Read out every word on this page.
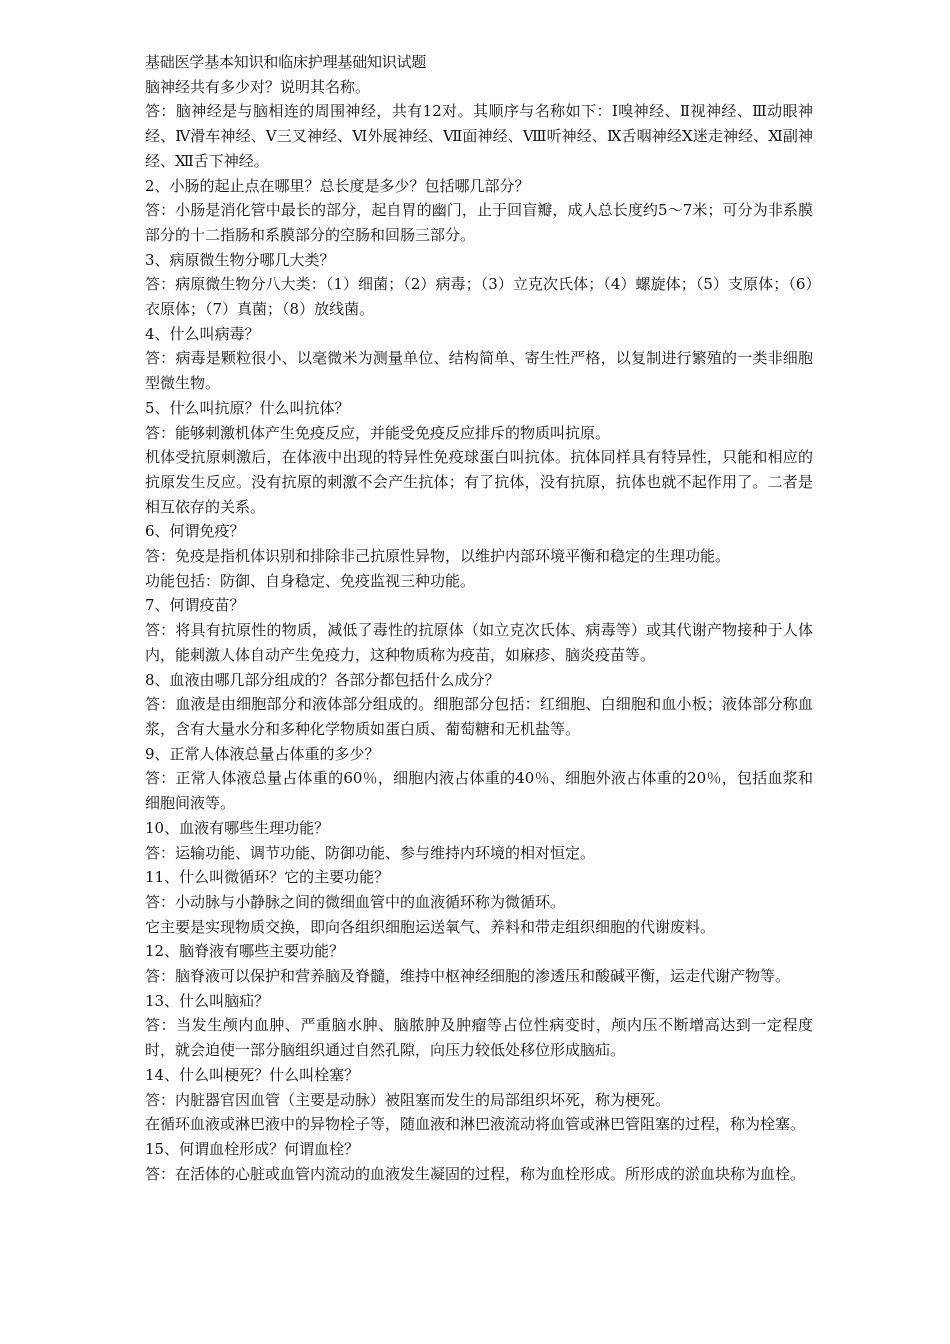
基础医学基本知识和临床护理基础知识试题

脑神经共有多少对？说明其名称。

答：脑神经是与脑相连的周围神经，共有12对。其顺序与名称如下：Ⅰ嗅神经、Ⅱ视神经、Ⅲ动眼神经、Ⅳ滑车神经、Ⅴ三叉神经、Ⅵ外展神经、Ⅶ面神经、Ⅷ听神经、Ⅸ舌咽神经Ⅹ迷走神经、Ⅺ副神经、Ⅻ舌下神经。

2、小肠的起止点在哪里？总长度是多少？包括哪几部分？

答：小肠是消化管中最长的部分，起自胃的幽门，止于回盲瓣，成人总长度约5～7米；可分为非系膜部分的十二指肠和系膜部分的空肠和回肠三部分。

3、病原微生物分哪几大类？

答：病原微生物分八大类：（1）细菌；（2）病毒；（3）立克次氏体；（4）螺旋体；（5）支原体；（6）衣原体；（7）真菌；（8）放线菌。

4、什么叫病毒？

答：病毒是颗粒很小、以毫微米为测量单位、结构简单、寄生性严格，以复制进行繁殖的一类非细胞型微生物。

5、什么叫抗原？什么叫抗体？

答：能够刺激机体产生免疫反应，并能受免疫反应排斥的物质叫抗原。

机体受抗原刺激后，在体液中出现的特异性免疫球蛋白叫抗体。抗体同样具有特异性，只能和相应的抗原发生反应。没有抗原的刺激不会产生抗体；有了抗体，没有抗原，抗体也就不起作用了。二者是相互依存的关系。

6、何谓免疫？

答：免疫是指机体识别和排除非己抗原性异物，以维护内部环境平衡和稳定的生理功能。

功能包括：防御、自身稳定、免疫监视三种功能。

7、何谓疫苗？

答：将具有抗原性的物质，减低了毒性的抗原体（如立克次氏体、病毒等）或其代谢产物接种于人体内，能刺激人体自动产生免疫力，这种物质称为疫苗，如麻疹、脑炎疫苗等。

8、血液由哪几部分组成的？各部分都包括什么成分？

答：血液是由细胞部分和液体部分组成的。细胞部分包括：红细胞、白细胞和血小板；液体部分称血浆，含有大量水分和多种化学物质如蛋白质、葡萄糖和无机盐等。

9、正常人体液总量占体重的多少？

答：正常人体液总量占体重的60％，细胞内液占体重的40％、细胞外液占体重的20％，包括血浆和细胞间液等。

10、血液有哪些生理功能？

答：运输功能、调节功能、防御功能、参与维持内环境的相对恒定。

11、什么叫微循环？它的主要功能？

答：小动脉与小静脉之间的微细血管中的血液循环称为微循环。

它主要是实现物质交换，即向各组织细胞运送氧气、养料和带走组织细胞的代谢废料。

12、脑脊液有哪些主要功能？

答：脑脊液可以保护和营养脑及脊髓，维持中枢神经细胞的渗透压和酸碱平衡，运走代谢产物等。

13、什么叫脑疝？

答：当发生颅内血肿、严重脑水肿、脑脓肿及肿瘤等占位性病变时，颅内压不断增高达到一定程度时，就会迫使一部分脑组织通过自然孔隙，向压力较低处移位形成脑疝。

14、什么叫梗死？什么叫栓塞？

答：内脏器官因血管（主要是动脉）被阻塞而发生的局部组织坏死，称为梗死。

在循环血液或淋巴液中的异物栓子等，随血液和淋巴液流动将血管或淋巴管阻塞的过程，称为栓塞。

15、何谓血栓形成？何谓血栓？

答：在活体的心脏或血管内流动的血液发生凝固的过程，称为血栓形成。所形成的淤血块称为血栓。
